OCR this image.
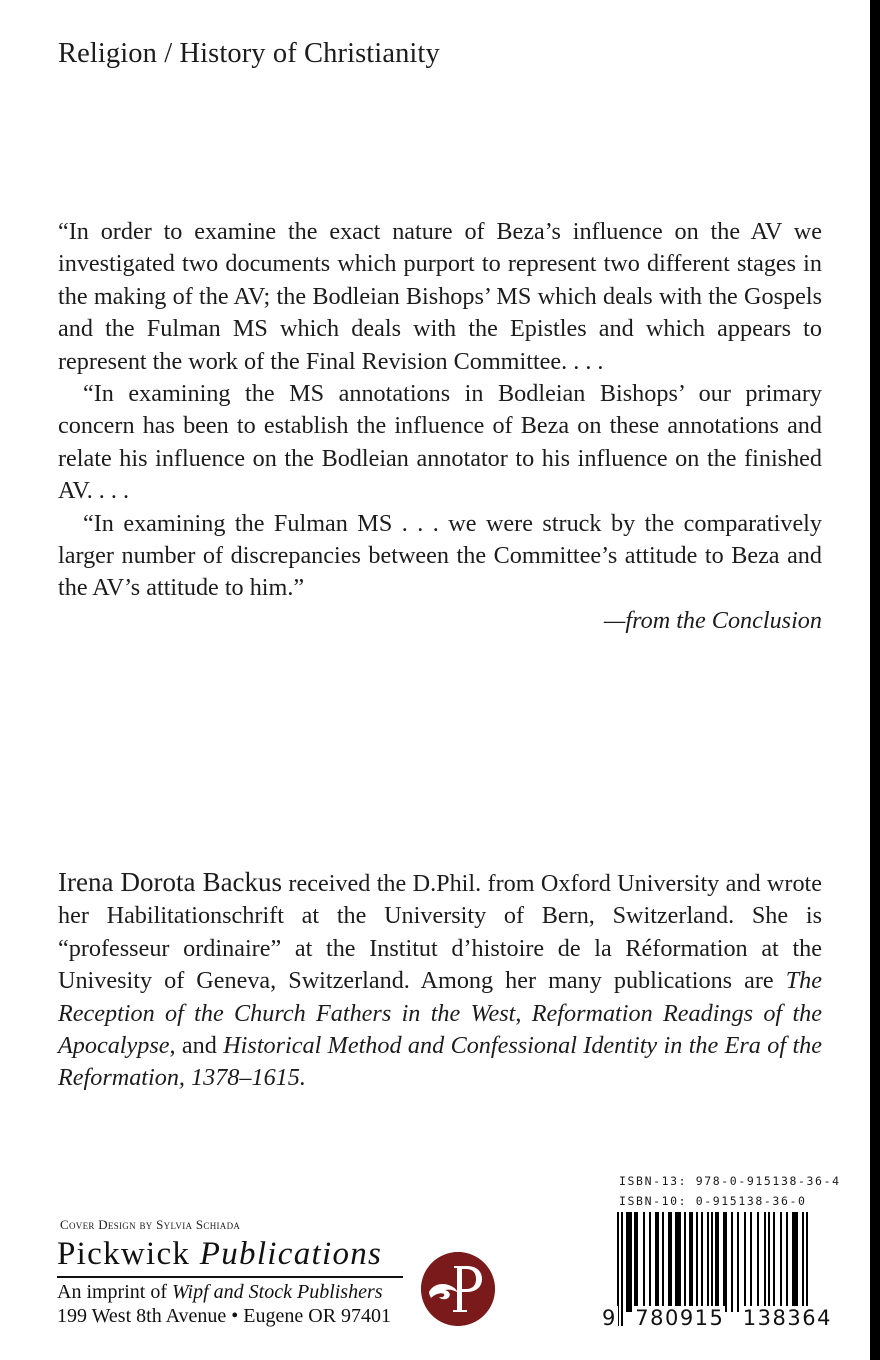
Religion / History of Christianity

“In order to examine the exact nature of Beza’s influence on the AV we investigated two documents which purport to represent two different stages in the making of the AV; the Bodleian Bishops’ MS which deals with the Gospels and the Fulman MS which deals with the Epistles and which appears to represent the work of the Final Revision Committee. . . .

“In examining the MS annotations in Bodleian Bishops’ our primary concern has been to establish the influence of Beza on these annotations and relate his influence on the Bodleian annotator to his influence on the finished AV. . . .

“In examining the Fulman MS . . . we were struck by the comparatively larger number of discrepancies between the Committee’s attitude to Beza and the AV’s attitude to him.”

—from the Conclusion

Irena Dorota Backus received the D.Phil. from Oxford University and wrote her Habilitationschrift at the University of Bern, Switzerland. She is “professeur ordinaire” at the Institut d’histoire de la Réformation at the Univesity of Geneva, Switzerland. Among her many publications are The Reception of the Church Fathers in the West, Reformation Readings of the Apocalypse, and Historical Method and Confessional Identity in the Era of the Reformation, 1378–1615.

Cover Design by Sylvia Schiada
Pickwick Publications
An imprint of Wipf and Stock Publishers
199 West 8th Avenue • Eugene OR 97401
ISBN-13: 978-0-915138-36-4
ISBN-10: 0-915138-36-0
9 780915 138364
